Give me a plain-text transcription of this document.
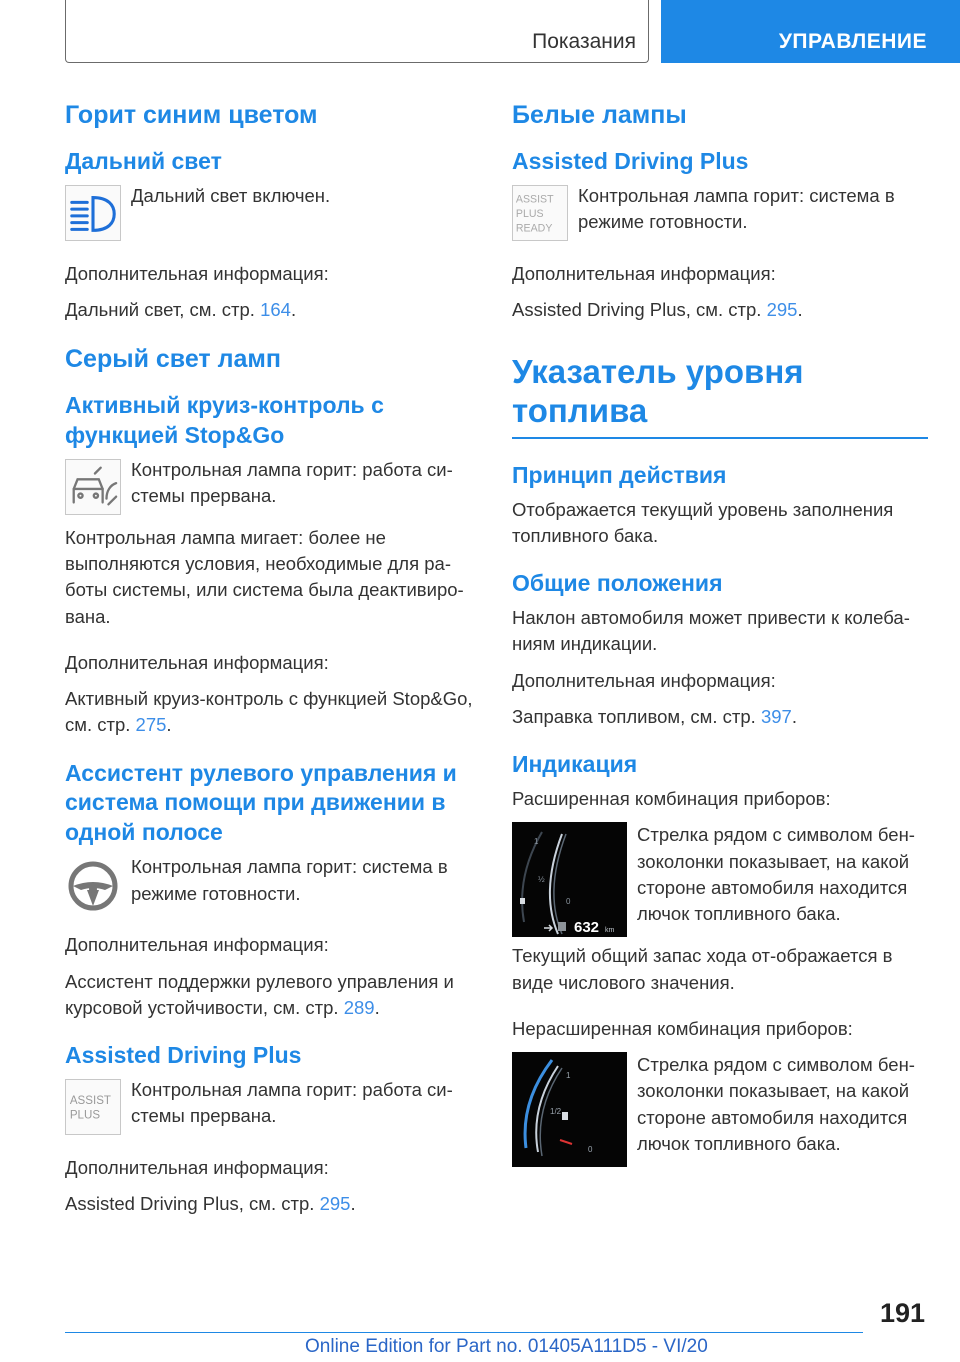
Показания	УПРАВЛЕНИЕ
Горит синим цветом
Дальний свет
Дальний свет включен.

Дополнительная информация:

Дальний свет, см. стр. 164.

Серый свет ламп
Активный круиз-контроль с функцией Stop&Go
Контрольная лампа горит: работа си-стемы прервана.

Контрольная лампа мигает: более не выполняются условия, необходимые для ра-боты системы, или система была деактивиро-вана.

Дополнительная информация:

Активный круиз-контроль с функцией Stop&Go, см. стр. 275.

Ассистент рулевого управления и система помощи при движении в одной полосе
Контрольная лампа горит: система в режиме готовности.

Дополнительная информация:

Ассистент поддержки рулевого управления и курсовой устойчивости, см. стр. 289.

Assisted Driving Plus
ASSIST
PLUS
Контрольная лампа горит: работа си-стемы прервана.

Дополнительная информация:

Assisted Driving Plus, см. стр. 295.

Белые лампы
Assisted Driving Plus
ASSIST
PLUS
READY
Контрольная лампа горит: система в режиме готовности.

Дополнительная информация:

Assisted Driving Plus, см. стр. 295.

Указатель уровня топлива
Принцип действия

Отображается текущий уровень заполнения топливного бака.

Общие положения

Наклон автомобиля может привести к колеба-ниям индикации.

Дополнительная информация:

Заправка топливом, см. стр. 397.

Индикация

Расширенная комбинация приборов:

1
½
0
632 km
Стрелка рядом с символом бен-зоколонки показывает, на какой стороне автомобиля находится лючок топливного бака.

Текущий общий запас хода от-ображается в виде числового значения.

Нерасширенная комбинация приборов:

1
1/2
0
Стрелка рядом с символом бен-зоколонки показывает, на какой стороне автомобиля находится лючок топливного бака.
191
Online Edition for Part no. 01405A111D5 - VI/20
